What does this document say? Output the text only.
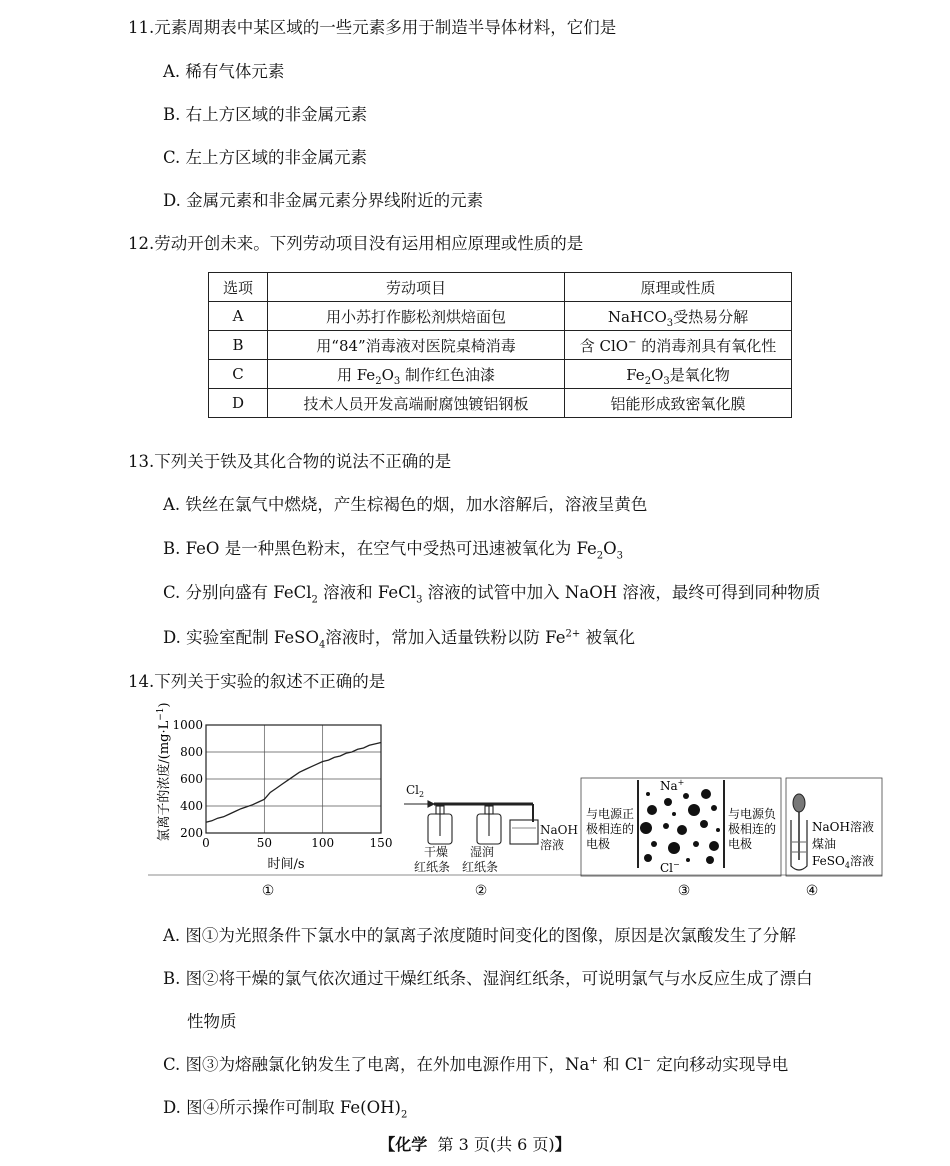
11.元素周期表中某区域的一些元素多用于制造半导体材料，它们是
A. 稀有气体元素
B. 右上方区域的非金属元素
C. 左上方区域的非金属元素
D. 金属元素和非金属元素分界线附近的元素
12.劳动开创未来。下列劳动项目没有运用相应原理或性质的是
选项	劳动项目	原理或性质
A	用小苏打作膨松剂烘焙面包	NaHCO$_3$受热易分解
B	用“84”消毒液对医院桌椅消毒	含 ClO− 的消毒剂具有氧化性
C	用 $Fe_2O_3$ 制作红色油漆	$Fe_2O_3$是氧化物
D	技术人员开发高端耐腐蚀镀铝钢板	铝能形成致密氧化膜
13.下列关于铁及其化合物的说法不正确的是
A. 铁丝在氯气中燃烧，产生棕褐色的烟，加水溶解后，溶液呈黄色
B. FeO 是一种黑色粉末，在空气中受热可迅速被氧化为 $Fe_2O_3$
C. 分别向盛有 FeCl$_2$ 溶液和 FeCl$_3$ 溶液的试管中加入 NaOH 溶液，最终可得到同种物质
D. 实验室配制 FeSO$_4$溶液时，常加入适量铁粉以防 $Fe^{2+}$ 被氧化
14.下列关于实验的叙述不正确的是
氯离子的浓度$/(mg\cdot L^{-1})$
0	50	100	150
200
400
600
800
1000
时间/s
①
$Cl_2$
NaOH
溶液
干燥
红纸条
湿润
红纸条
②
与电源正
极相连的
电极
Na+
Cl−
与电源负
极相连的
电极
③
NaOH溶液
煤油
FeSO$_4$溶液
④
A. 图①为光照条件下氯水中的氯离子浓度随时间变化的图像，原因是次氯酸发生了分解
B. 图②将干燥的氯气依次通过干燥红纸条、湿润红纸条，可说明氯气与水反应生成了漂白
性物质
C. 图③为熔融氯化钠发生了电离，在外加电源作用下，Na+ 和 Cl− 定向移动实现导电
D. 图④所示操作可制取 $Fe(OH)_2$
【化学 第 3 页(共 6 页)】
